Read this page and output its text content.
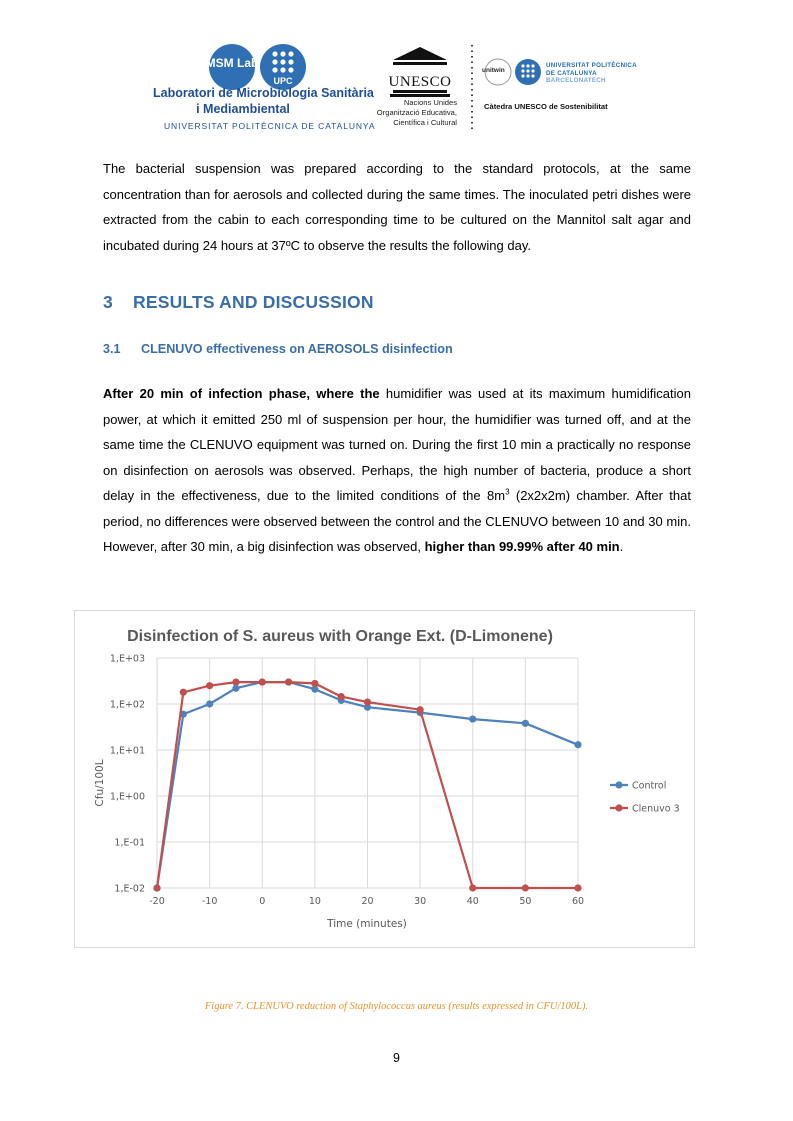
MSM Lab
UPC	UNESCO
unitwin
UNIVERSITAT POLITÈCNICA
DE CATALUNYA
BARCELONATECH
Laboratori de Microbiologia Sanitària
i Mediambiental
UNIVERSITAT POLITÈCNICA DE CATALUNYA
Nacions Unides
Organització Educativa,
Científica i Cultural
Càtedra UNESCO de Sostenibilitat

The bacterial suspension was prepared according to the standard protocols, at the same concentration than for aerosols and collected during the same times. The inoculated petri dishes were extracted from the cabin to each corresponding time to be cultured on the Mannitol salt agar and incubated during 24 hours at 37ºC to observe the results the following day.

3 RESULTS AND DISCUSSION
3.1 CLENUVO effectiveness on AEROSOLS disinfection

After 20 min of infection phase, where the humidifier was used at its maximum humidification power, at which it emitted 250 ml of suspension per hour, the humidifier was turned off, and at the same time the CLENUVO equipment was turned on. During the first 10 min a practically no response on disinfection on aerosols was observed. Perhaps, the high number of bacteria, produce a short delay in the effectiveness, due to the limited conditions of the $8m^3$ (2x2x2m) chamber. After that period, no differences were observed between the control and the CLENUVO between 10 and 30 min. However, after 30 min, a big disinfection was observed, higher than 99.99% after 40 min.

Disinfection of S. aureus with Orange Ext. (D-Limonene)
1,E+03
1,E+02
1,E+01
1,E+00
1,E-01
1,E-02
-20	-10	0	10	20	30	40	50	60
Control
Clenuvo 3
Time (minutes)
Cfu/100L
Figure 7. CLENUVO reduction of Staphylococcus aureus (results expressed in CFU/100L).
9
